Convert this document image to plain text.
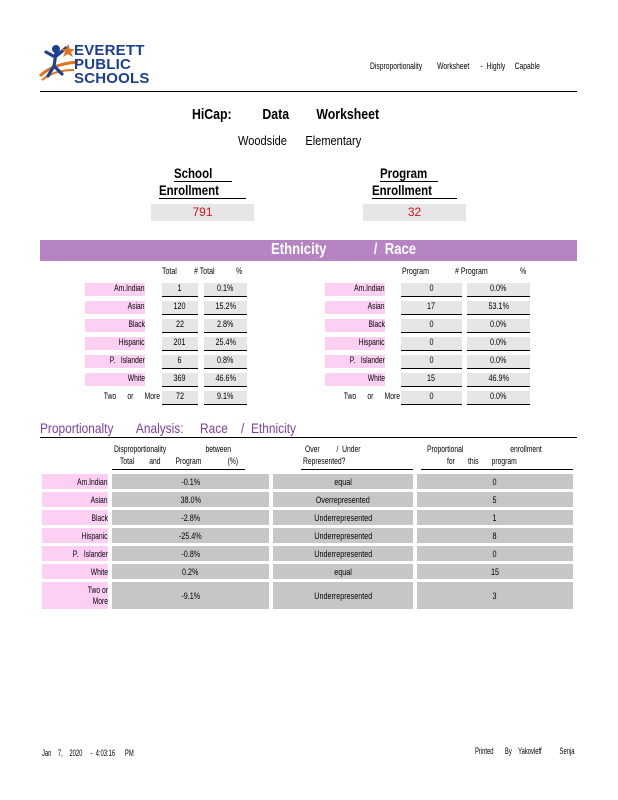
EVERETT
PUBLIC
SCHOOLS
Disproportionality        Worksheet      -  Highly     Capable
HiCap:         Data        Worksheet
Woodside      Elementary
School
Enrollment
791
Program
Enrollment
32
Ethnicity             /  Race
Total # Total %	Program	# Program	%
Am.Indian	1	0.1%	Am.Indian	0	0.0%
Asian	120	15.2%	Asian	17	53.1%
Black	22	2.8%	Black	0	0.0%
Hispanic	201	25.4%	Hispanic	0	0.0%
P.   Islander	6	0.8%	P.   Islander	0	0.0%
White	369	46.6%	White	15	46.9%
Two      or      More	72	9.1%	Two      or      More	0	0.0%
Proportionalty       Analysis:     Race    /  Ethnicity
Disproportionality                     between
Total        and        Program              (%)
Over         /  Under
Represented?
Proportional                         enrollment
for       this       program
Am.Indian	-0.1%	equal	0
Asian	38.0%	Overrepresented	5
Black	-2.8%	Underrepresented	1
Hispanic	-25.4%	Underrepresented	8
P.   Islander	-0.8%	Underrepresented	0
White	0.2%	equal	15
Two or
More	-9.1%	Underrepresented	3
Jan    7,    2020     -  4:03:16      PM	Printed       By    Yakovleff           Senja
